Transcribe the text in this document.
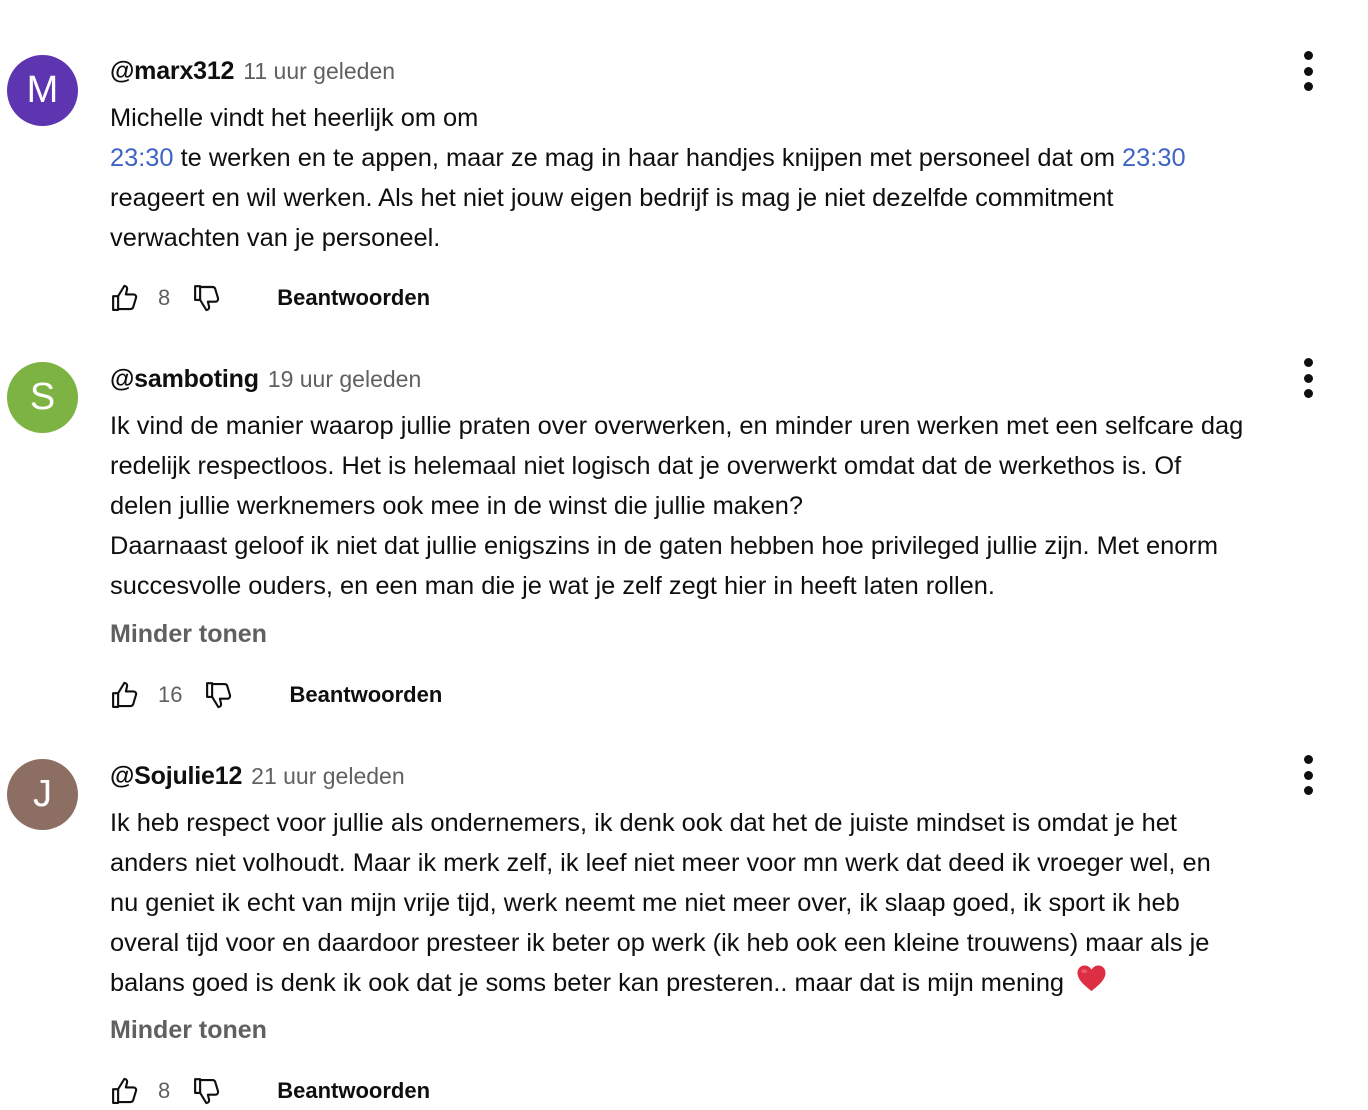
M @marx312 11 uur geleden
Michelle vindt het heerlijk om om
23:30 te werken en te appen, maar ze mag in haar handjes knijpen met personeel dat om 23:30
reageert en wil werken. Als het niet jouw eigen bedrijf is mag je niet dezelfde commitment
verwachten van je personeel.
8	Beantwoorden
S @samboting 19 uur geleden
Ik vind de manier waarop jullie praten over overwerken, en minder uren werken met een selfcare dag
redelijk respectloos. Het is helemaal niet logisch dat je overwerkt omdat dat de werkethos is. Of
delen jullie werknemers ook mee in de winst die jullie maken?
Daarnaast geloof ik niet dat jullie enigszins in de gaten hebben hoe privileged jullie zijn. Met enorm
succesvolle ouders, en een man die je wat je zelf zegt hier in heeft laten rollen.
Minder tonen
16	Beantwoorden
J @Sojulie12 21 uur geleden
Ik heb respect voor jullie als ondernemers, ik denk ook dat het de juiste mindset is omdat je het
anders niet volhoudt. Maar ik merk zelf, ik leef niet meer voor mn werk dat deed ik vroeger wel, en
nu geniet ik echt van mijn vrije tijd, werk neemt me niet meer over, ik slaap goed, ik sport ik heb
overal tijd voor en daardoor presteer ik beter op werk (ik heb ook een kleine trouwens) maar als je
balans goed is denk ik ook dat je soms beter kan presteren.. maar dat is mijn mening
Minder tonen
8	Beantwoorden
